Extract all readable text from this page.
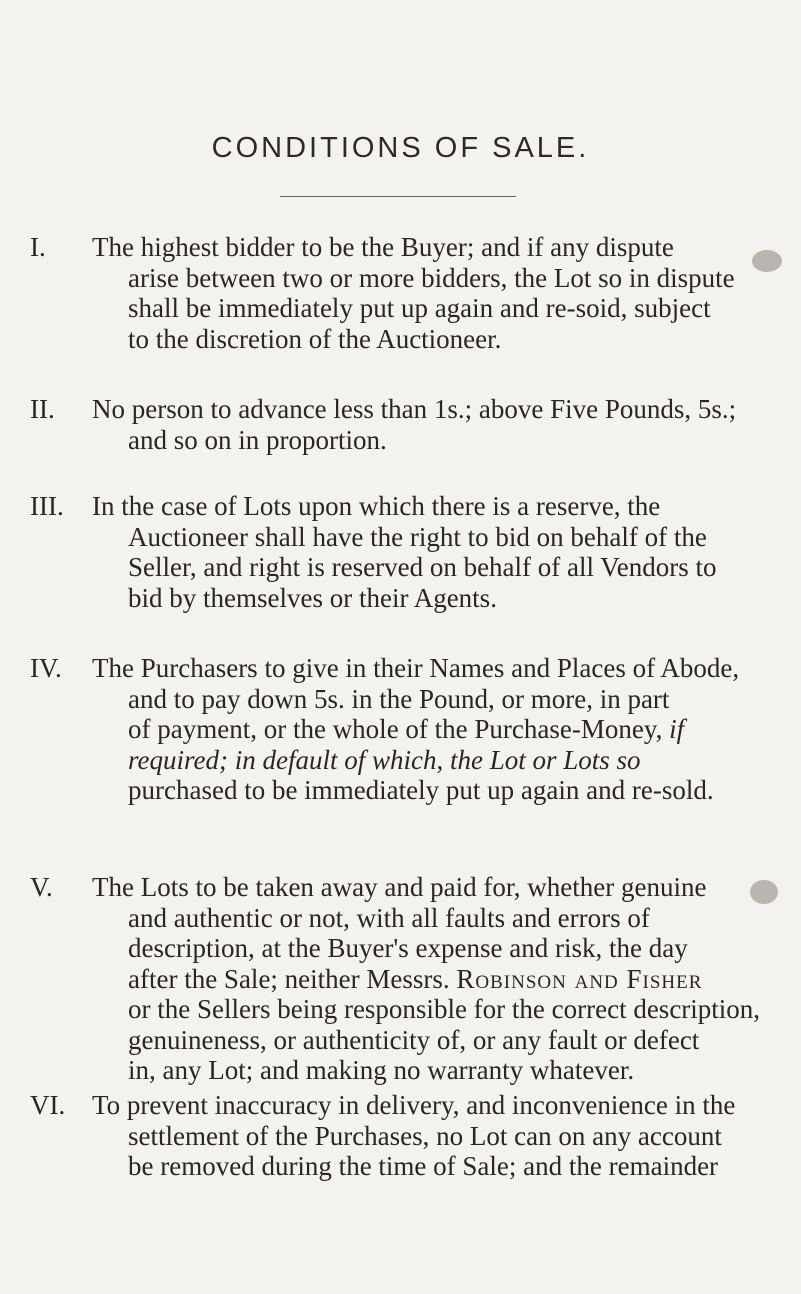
CONDITIONS OF SALE.
I.	The highest bidder to be the Buyer; and if any dispute
arise between two or more bidders, the Lot so in dispute
shall be immediately put up again and re-soid, subject
to the discretion of the Auctioneer.
II.	No person to advance less than 1s.; above Five Pounds, 5s.;
and so on in proportion.
III.	In the case of Lots upon which there is a reserve, the
Auctioneer shall have the right to bid on behalf of the
Seller, and right is reserved on behalf of all Vendors to
bid by themselves or their Agents.
IV.	The Purchasers to give in their Names and Places of Abode,
and to pay down 5s. in the Pound, or more, in part
of payment, or the whole of the Purchase-Money, if
required; in default of which, the Lot or Lots so
purchased to be immediately put up again and re-sold.
V.	The Lots to be taken away and paid for, whether genuine
and authentic or not, with all faults and errors of
description, at the Buyer's expense and risk, the day
after the Sale; neither Messrs. Robinson and Fisher
or the Sellers being responsible for the correct description,
genuineness, or authenticity of, or any fault or defect
in, any Lot; and making no warranty whatever.
VI. To prevent inaccuracy in delivery, and inconvenience in the
settlement of the Purchases, no Lot can on any account
be removed during the time of Sale; and the remainder
